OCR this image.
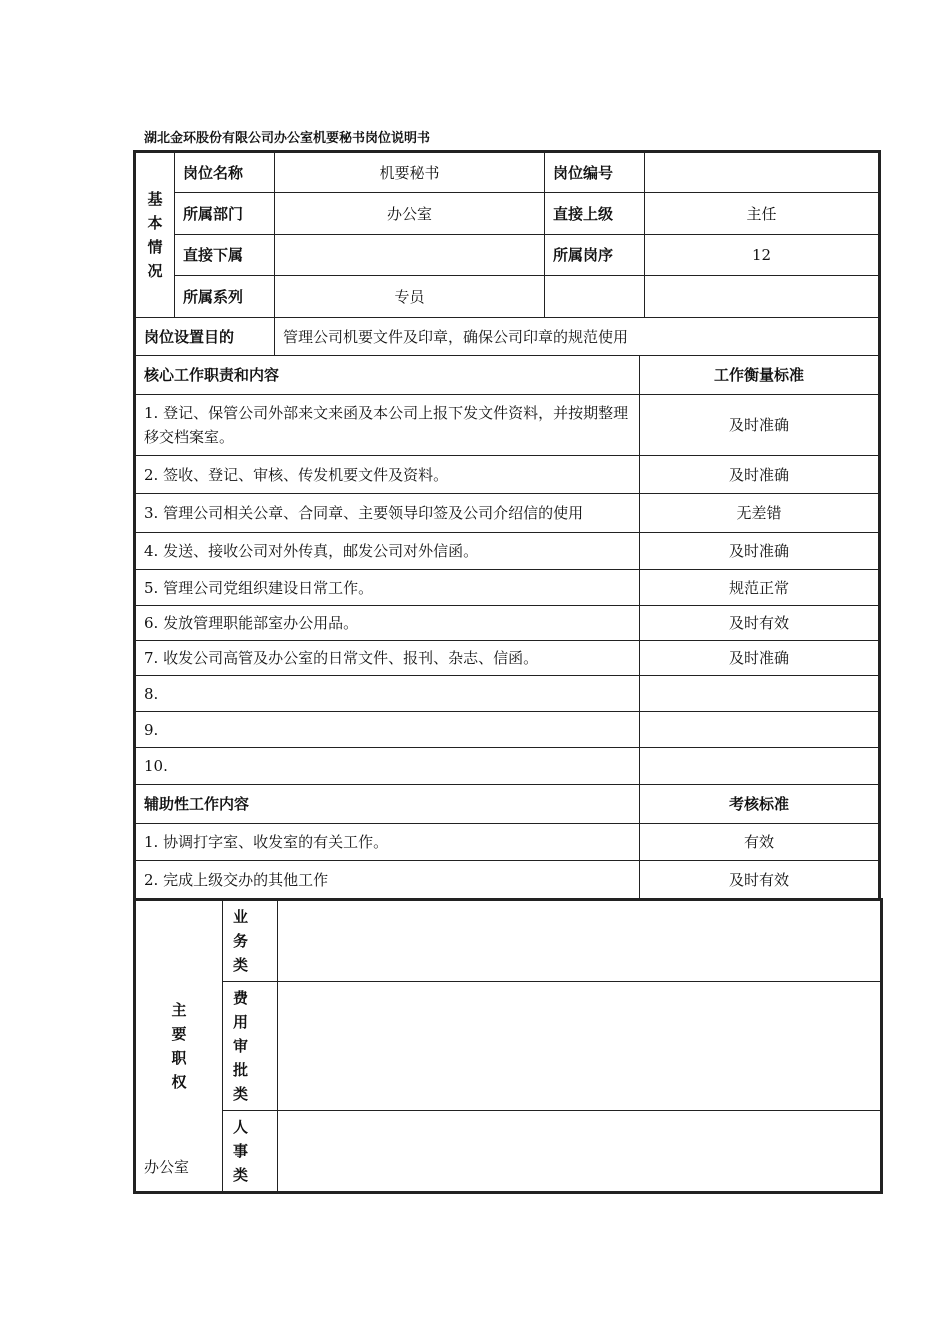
湖北金环股份有限公司办公室机要秘书岗位说明书
基
本
情
况	岗位名称	机要秘书	岗位编号		
	所属部门	办公室	直接上级		主任
	直接下属		所属岗序		12
	所属系列	专员			
岗位设置目的		管理公司机要文件及印章，确保公司印章的规范使用			
核心工作职责和内容				工作衡量标准	
1. 登记、保管公司外部来文来函及本公司上报下发文件资料，并按期整理移交档案室。				及时准确	
2. 签收、登记、审核、传发机要文件及资料。				及时准确	
3. 管理公司相关公章、合同章、主要领导印签及公司介绍信的使用				无差错	
4. 发送、接收公司对外传真，邮发公司对外信函。				及时准确	
5. 管理公司党组织建设日常工作。				规范正常	
6. 发放管理职能部室办公用品。				及时有效	
7. 收发公司高管及办公室的日常文件、报刊、杂志、信函。				及时准确	
8.					
9.					
10.					
辅助性工作内容				考核标准	
1. 协调打字室、收发室的有关工作。				有效	
2. 完成上级交办的其他工作				及时有效	
主
要
职
权	业务类	
	费用审批类	
	人事类	
办公室
